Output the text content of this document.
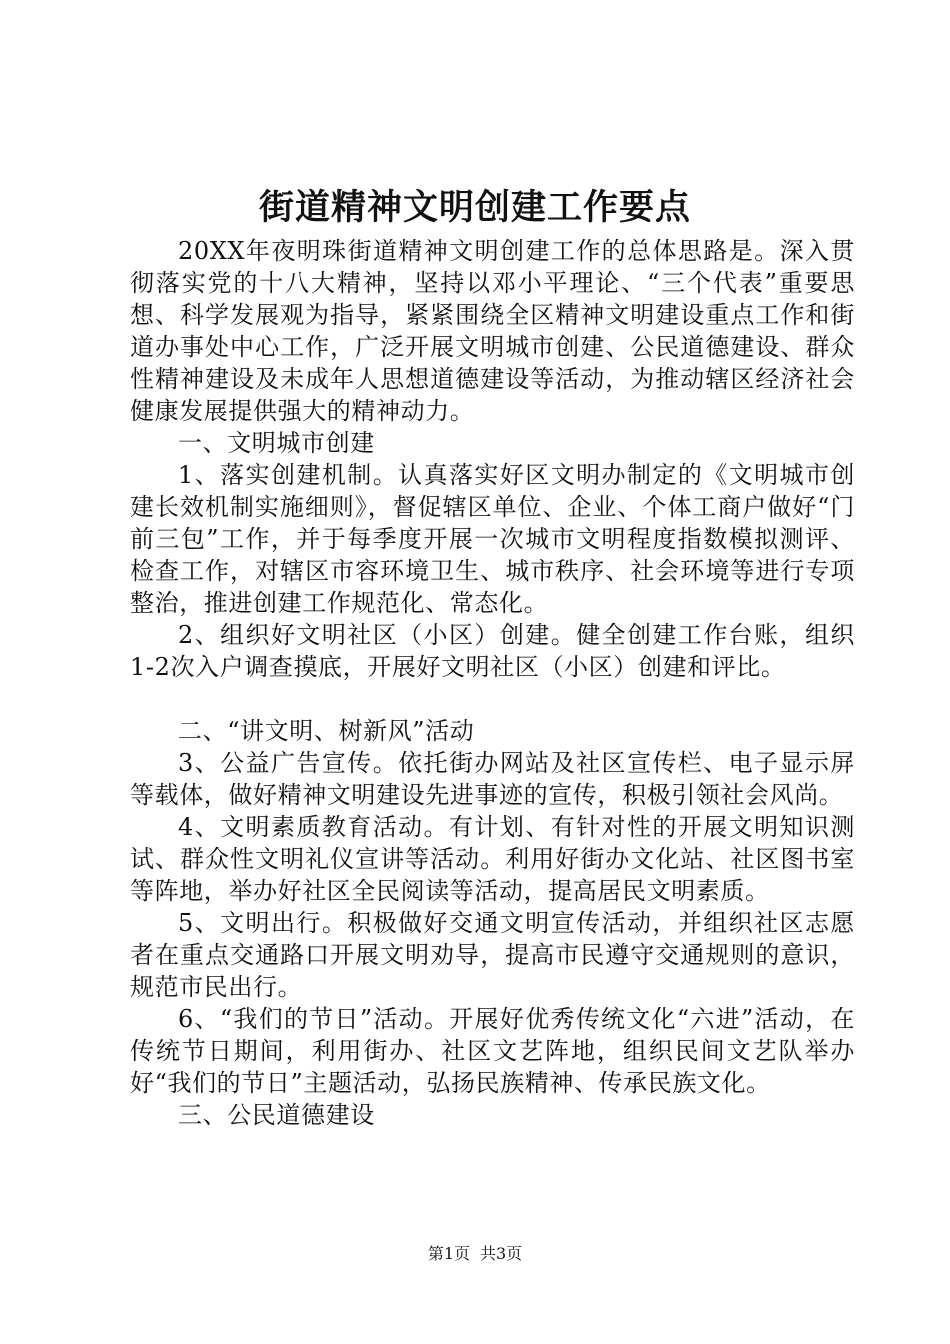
街道精神文明创建工作要点

20XX年夜明珠街道精神文明创建工作的总体思路是。深入贯彻落实党的十八大精神，坚持以邓小平理论、“三个代表”重要思想、科学发展观为指导，紧紧围绕全区精神文明建设重点工作和街道办事处中心工作，广泛开展文明城市创建、公民道德建设、群众性精神建设及未成年人思想道德建设等活动，为推动辖区经济社会健康发展提供强大的精神动力。

一、文明城市创建

1、落实创建机制。认真落实好区文明办制定的《文明城市创建长效机制实施细则》，督促辖区单位、企业、个体工商户做好“门前三包”工作，并于每季度开展一次城市文明程度指数模拟测评、检查工作，对辖区市容环境卫生、城市秩序、社会环境等进行专项整治，推进创建工作规范化、常态化。

2、组织好文明社区（小区）创建。健全创建工作台账，组织1-2次入户调查摸底，开展好文明社区（小区）创建和评比。

二、“讲文明、树新风”活动

3、公益广告宣传。依托街办网站及社区宣传栏、电子显示屏等载体，做好精神文明建设先进事迹的宣传，积极引领社会风尚。

4、文明素质教育活动。有计划、有针对性的开展文明知识测试、群众性文明礼仪宣讲等活动。利用好街办文化站、社区图书室等阵地，举办好社区全民阅读等活动，提高居民文明素质。

5、文明出行。积极做好交通文明宣传活动，并组织社区志愿者在重点交通路口开展文明劝导，提高市民遵守交通规则的意识，规范市民出行。

6、“我们的节日”活动。开展好优秀传统文化“六进”活动，在传统节日期间，利用街办、社区文艺阵地，组织民间文艺队举办好“我们的节日”主题活动，弘扬民族精神、传承民族文化。

三、公民道德建设

第1页 共3页
